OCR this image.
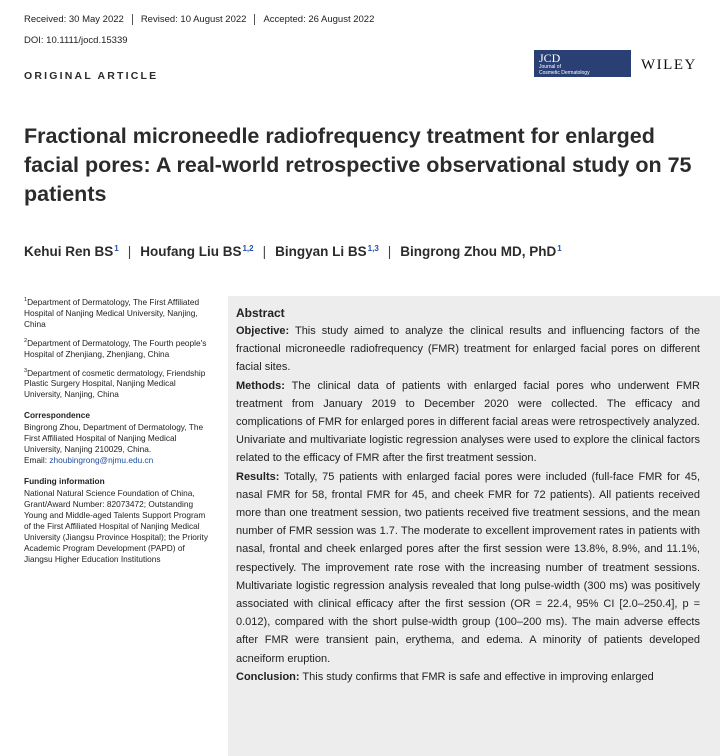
Received: 30 May 2022 Revised: 10 August 2022 Accepted: 26 August 2022
DOI: 10.1111/jocd.15339
ORIGINAL ARTICLE
JCD
Journal of
Cosmetic Dermatology	WILEY
Fractional microneedle radiofrequency treatment for enlarged facial pores: A real-world retrospective observational study on 75 patients
Kehui Ren $BS^1$ | Houfang Liu BS$^{1,2}$ | Bingyan Li BS$^{1,3}$ | Bingrong Zhou MD, PhD$^1$

$^1$Department of Dermatology, The First Affiliated Hospital of Nanjing Medical University, Nanjing, China

$^2$Department of Dermatology, The Fourth people's Hospital of Zhenjiang, Zhenjiang, China

$^3$Department of cosmetic dermatology, Friendship Plastic Surgery Hospital, Nanjing Medical University, Nanjing, China

Correspondence

Bingrong Zhou, Department of Dermatology, The First Affiliated Hospital of Nanjing Medical University, Nanjing 210029, China.
Email: zhoubingrong@njmu.edu.cn

Funding information

National Natural Science Foundation of China, Grant/Award Number: 82073472; Outstanding Young and Middle-aged Talents Support Program of the First Affiliated Hospital of Nanjing Medical University (Jiangsu Province Hospital); the Priority Academic Program Development (PAPD) of Jiangsu Higher Education Institutions

Abstract

Objective: This study aimed to analyze the clinical results and influencing factors of the fractional microneedle radiofrequency (FMR) treatment for enlarged facial pores on different facial sites.

Methods: The clinical data of patients with enlarged facial pores who underwent FMR treatment from January 2019 to December 2020 were collected. The efficacy and complications of FMR for enlarged pores in different facial areas were retrospectively analyzed. Univariate and multivariate logistic regression analyses were used to explore the clinical factors related to the efficacy of FMR after the first treatment session.

Results: Totally, 75 patients with enlarged facial pores were included (full-face FMR for 45, nasal FMR for 58, frontal FMR for 45, and cheek FMR for 72 patients). All patients received more than one treatment session, two patients received five treatment sessions, and the mean number of FMR session was 1.7. The moderate to excellent improvement rates in patients with nasal, frontal and cheek enlarged pores after the first session were 13.8%, 8.9%, and 11.1%, respectively. The improvement rate rose with the increasing number of treatment sessions. Multivariate logistic regression analysis revealed that long pulse-width (300 ms) was positively associated with clinical efficacy after the first session (OR = 22.4, 95% CI [2.0–250.4], p = 0.012), compared with the short pulse-width group (100–200 ms). The main adverse effects after FMR were transient pain, erythema, and edema. A minority of patients developed acneiform eruption.

Conclusion: This study confirms that FMR is safe and effective in improving enlarged
